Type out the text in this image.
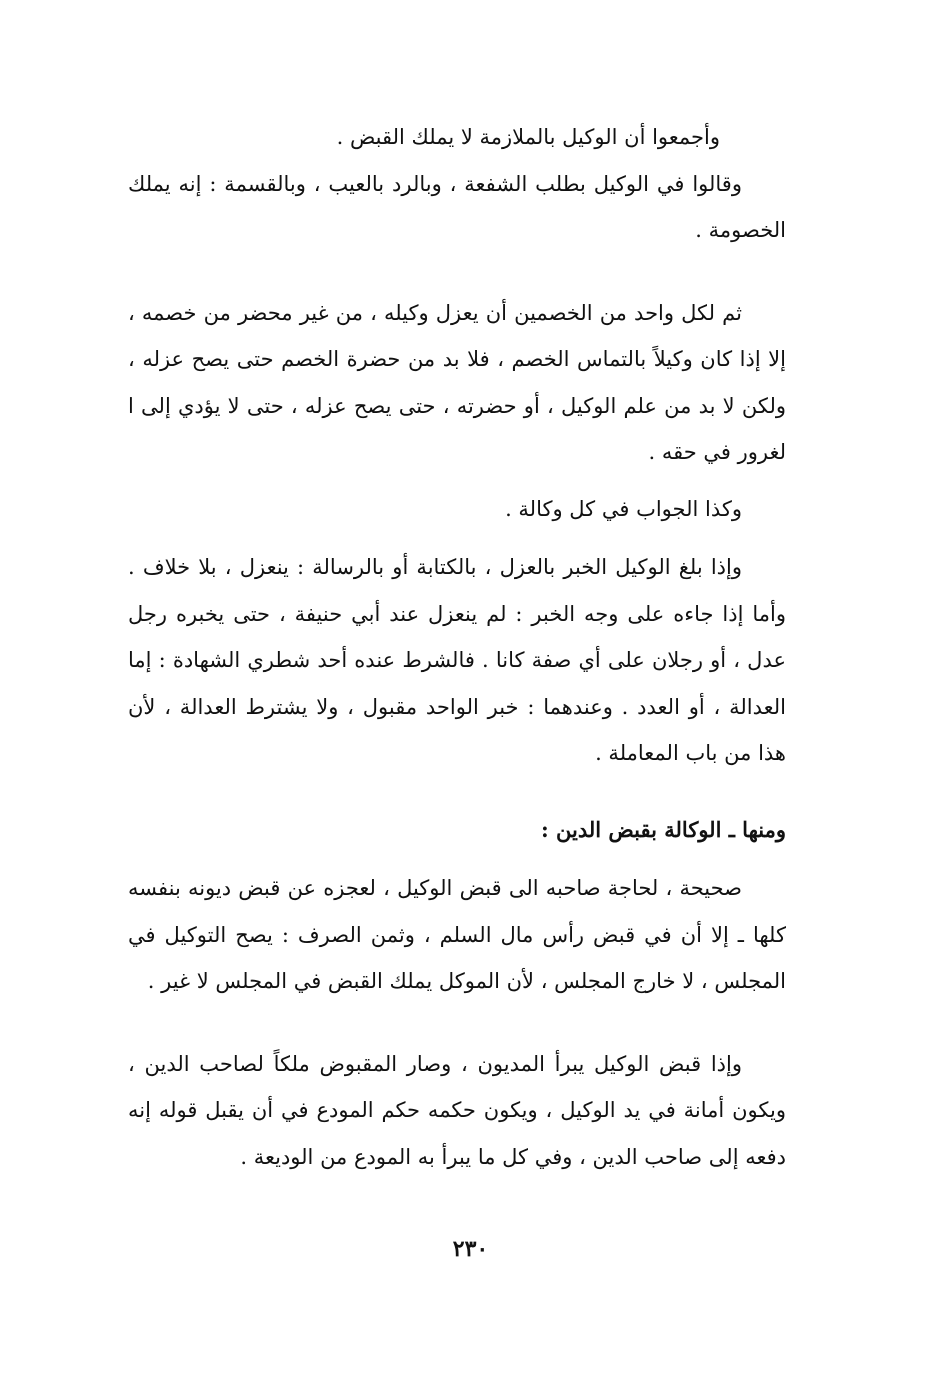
وأجمعوا أن الوكيل بالملازمة لا يملك القبض .

وقالوا في الوكيل بطلب الشفعة ، وبالرد بالعيب ، وبالقسمة : إنه يملك الخصومة .

ثم لكل واحد من الخصمين أن يعزل وكيله ، من غير محضر من خصمه ، إلا إذا كان وكيلاً بالتماس الخصم ، فلا بد من حضرة الخصم حتى يصح عزله ، ولكن لا بد من علم الوكيل ، أو حضرته ، حتى يصح عزله ، حتى لا يؤدي إلى ا لغرور في حقه .

وكذا الجواب في كل وكالة .

وإذا بلغ الوكيل الخبر بالعزل ، بالكتابة أو بالرسالة : ينعزل ، بلا خلاف . وأما إذا جاءه على وجه الخبر : لم ينعزل عند أبي حنيفة ، حتى يخبره رجل عدل ، أو رجلان على أي صفة كانا . فالشرط عنده أحد شطري الشهادة : إما العدالة ، أو العدد . وعندهما : خبر الواحد مقبول ، ولا يشترط العدالة ، لأن هذا من باب المعاملة .

ومنها ـ الوكالة بقبض الدين :

صحيحة ، لحاجة صاحبه الى قبض الوكيل ، لعجزه عن قبض ديونه بنفسه كلها ـ إلا أن في قبض رأس مال السلم ، وثمن الصرف : يصح التوكيل في المجلس ، لا خارج المجلس ، لأن الموكل يملك القبض في المجلس لا غير .

وإذا قبض الوكيل يبرأ المديون ، وصار المقبوض ملكاً لصاحب الدين ، ويكون أمانة في يد الوكيل ، ويكون حكمه حكم المودع في أن يقبل قوله إنه دفعه إلى صاحب الدين ، وفي كل ما يبرأ به المودع من الوديعة .

٢٣٠
